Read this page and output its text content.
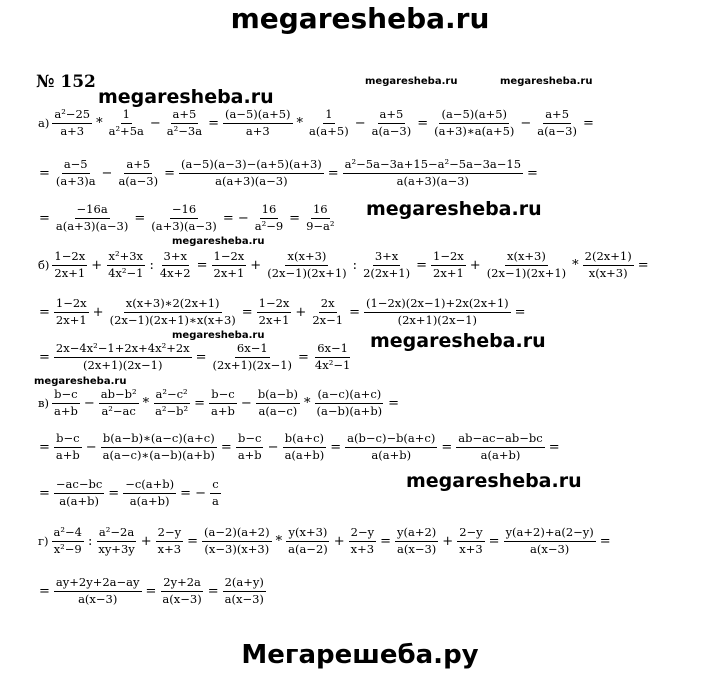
megaresheba.ru
№ 152
megaresheba.ru
megaresheba.ru	megaresheba.ru
megaresheba.ru
megaresheba.ru
megaresheba.ru	megaresheba.ru
megaresheba.ru
megaresheba.ru
$а) \frac{\text{a²−25}}{a+3} * \frac{1}{\text{a²+5a}} - \frac{a+5}{\text{a²−3a}} = \frac{(a-5)(a+5)}{a+3} * \frac{1}{a(a+5)} - \frac{a+5}{a(a-3)} = \frac{(a-5)(a+5)}{(a+3)∗a(a+5)} - \frac{a+5}{a(a-3)}$ =
= $\frac{a-5}{(a+3)a} - \frac{a+5}{a(a-3)} = \frac{(a-5)(a-3)-(a+5)(a+3)}{a(a+3)(a-3)} = \frac{\text{a²−5a−3a+15−a²−5a−3a−15}}{a(a+3)(a-3)}$ =
= $\frac{-16a}{a(a+3)(a-3)} = \frac{-16}{(a+3)(a-3)}$ = − $\frac{16}{\text{a²−9}} = \frac{16}{\text{9−a²}}$
$б) \frac{1-2x}{2x+1} + \frac{\text{x²+3x}}{\text{4x²−1}}$ : $\frac{3+x}{4x+2} = \frac{1-2x}{2x+1} + \frac{x(x+3)}{(2x-1)(2x+1)}$ : $\frac{3+x}{2(2x+1)} = \frac{1-2x}{2x+1} + \frac{x(x+3)}{(2x-1)(2x+1)} * \frac{2(2x+1)}{x(x+3)}$ =
= $\frac{1-2x}{2x+1} + \frac{x(x+3)∗2(2x+1)}{(2x-1)(2x+1)∗x(x+3)} = \frac{1-2x}{2x+1} + \frac{2x}{2x-1} = \frac{(1-2x)(2x-1)+2x(2x+1)}{(2x+1)(2x-1)}$ =
= $\frac{\text{2x−4x²−1+2x+4x²+2x}}{(2x+1)(2x-1)} = \frac{6x-1}{(2x+1)(2x-1)} = \frac{6x-1}{\text{4x²−1}}$
$в) \frac{b-c}{a+b} - \frac{\text{ab−b²}}{\text{a²−ac}} * \frac{\text{a²−c²}}{\text{a²−b²}} = \frac{b-c}{a+b} - \frac{b(a-b)}{a(a-c)} * \frac{(a-c)(a+c)}{(a-b)(a+b)}$ =
= $\frac{b-c}{a+b} - \frac{b(a-b)∗(a-c)(a+c)}{a(a-c)∗(a-b)(a+b)} = \frac{b-c}{a+b} - \frac{b(a+c)}{a(a+b)} = \frac{a(b-c)-b(a+c)}{a(a+b)} = \frac{ab-ac-ab-bc}{a(a+b)}$ =
= $\frac{-ac-bc}{a(a+b)} = \frac{-c(a+b)}{a(a+b)}$ = − $\frac{c}{a}$
$г) \frac{\text{a²−4}}{\text{x²−9}}$ : $\frac{\text{a²−2a}}{xy+3y} + \frac{2-y}{x+3} = \frac{(a-2)(a+2)}{(x-3)(x+3)} * \frac{y(x+3)}{a(a-2)} + \frac{2-y}{x+3} = \frac{y(a+2)}{a(x-3)} + \frac{2-y}{x+3} = \frac{y(a+2)+a(2-y)}{a(x-3)}$ =
= $\frac{ay+2y+2a-ay}{a(x-3)} = \frac{2y+2a}{a(x-3)} = \frac{2(a+y)}{a(x-3)}$
Мегарешеба.ру
